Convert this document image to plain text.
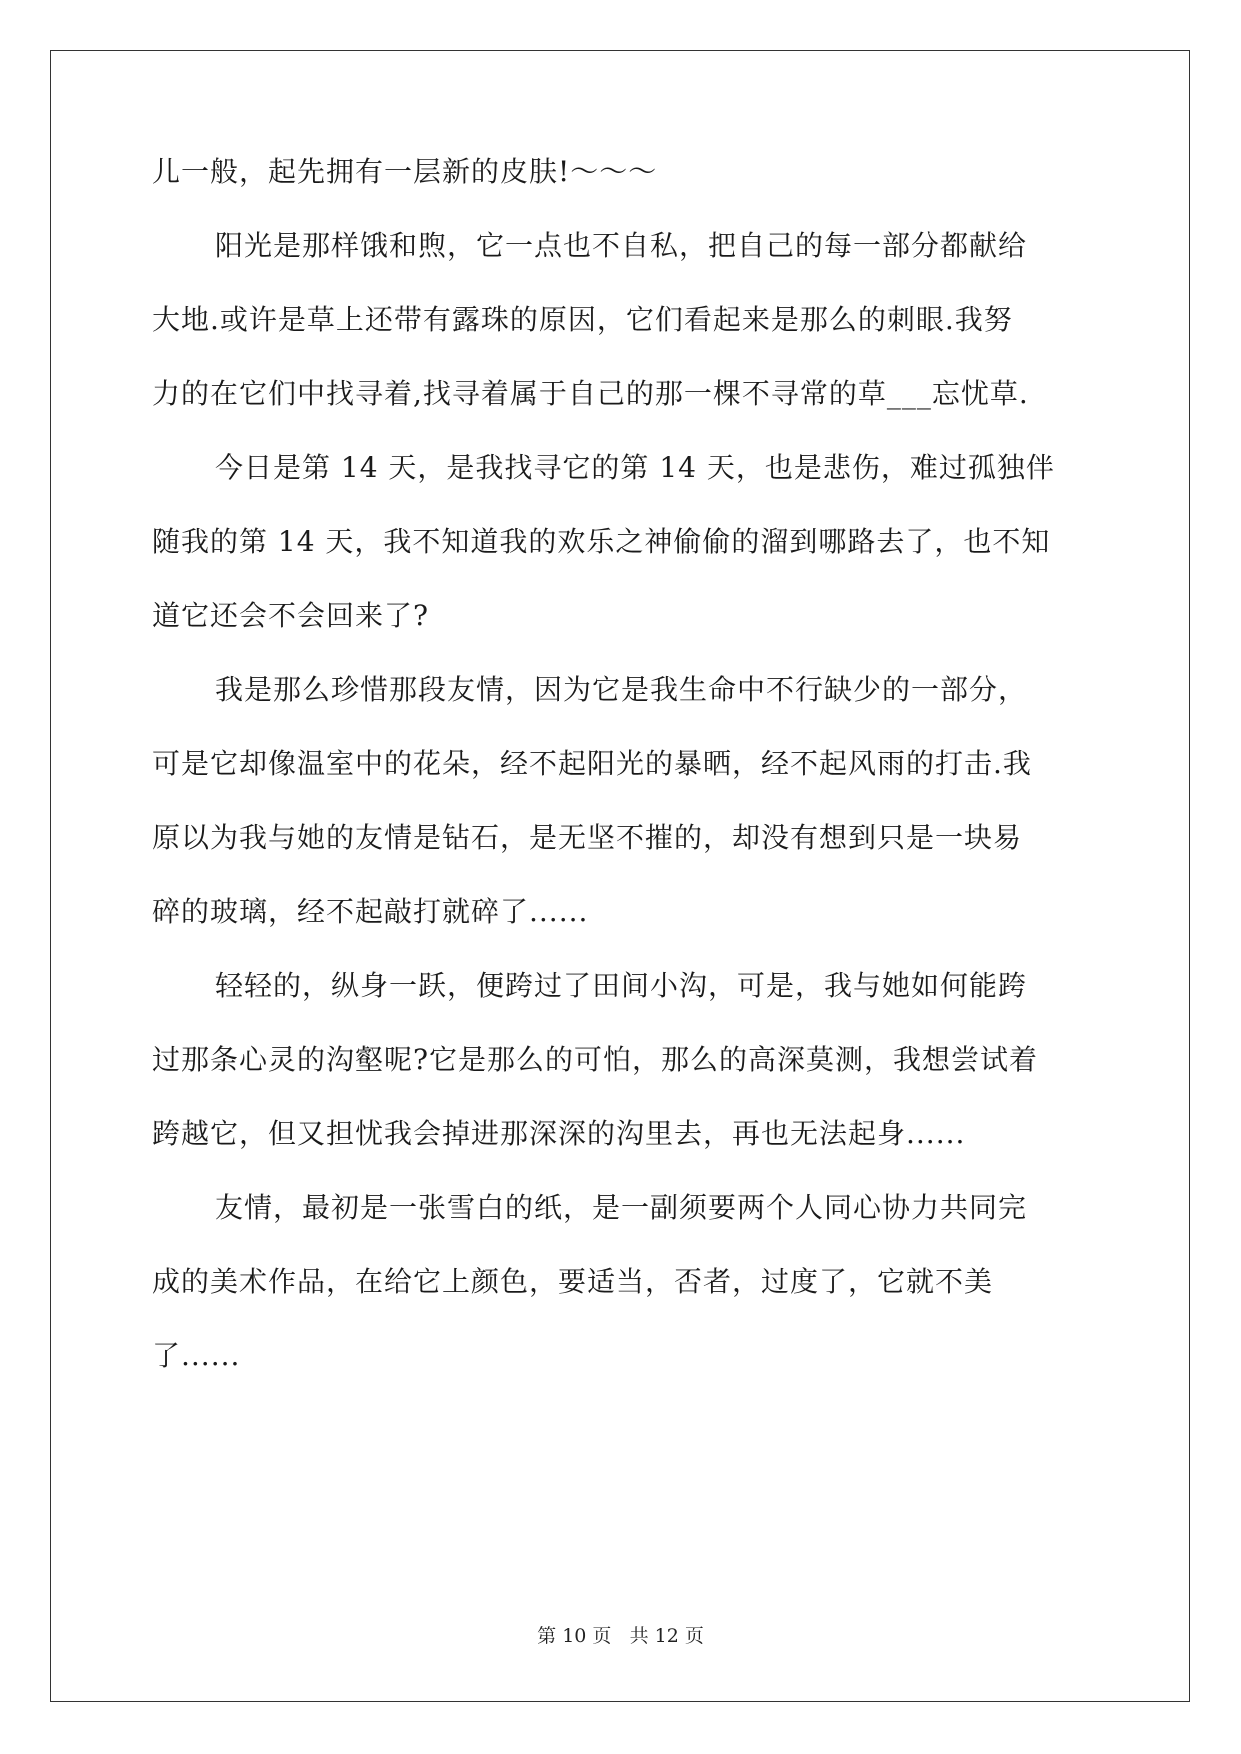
儿一般，起先拥有一层新的皮肤!～～～
阳光是那样饿和煦，它一点也不自私，把自己的每一部分都献给
大地.或许是草上还带有露珠的原因，它们看起来是那么的刺眼.我努
力的在它们中找寻着,找寻着属于自己的那一棵不寻常的草___忘忧草.
今日是第 14 天，是我找寻它的第 14 天，也是悲伤，难过孤独伴
随我的第 14 天，我不知道我的欢乐之神偷偷的溜到哪路去了，也不知
道它还会不会回来了?
我是那么珍惜那段友情，因为它是我生命中不行缺少的一部分，
可是它却像温室中的花朵，经不起阳光的暴晒，经不起风雨的打击.我
原以为我与她的友情是钻石，是无坚不摧的，却没有想到只是一块易
碎的玻璃，经不起敲打就碎了......
轻轻的，纵身一跃，便跨过了田间小沟，可是，我与她如何能跨
过那条心灵的沟壑呢?它是那么的可怕，那么的高深莫测，我想尝试着
跨越它，但又担忧我会掉进那深深的沟里去，再也无法起身......
友情，最初是一张雪白的纸，是一副须要两个人同心协力共同完
成的美术作品，在给它上颜色，要适当，否者，过度了，它就不美
了......
第 10 页 共 12 页
